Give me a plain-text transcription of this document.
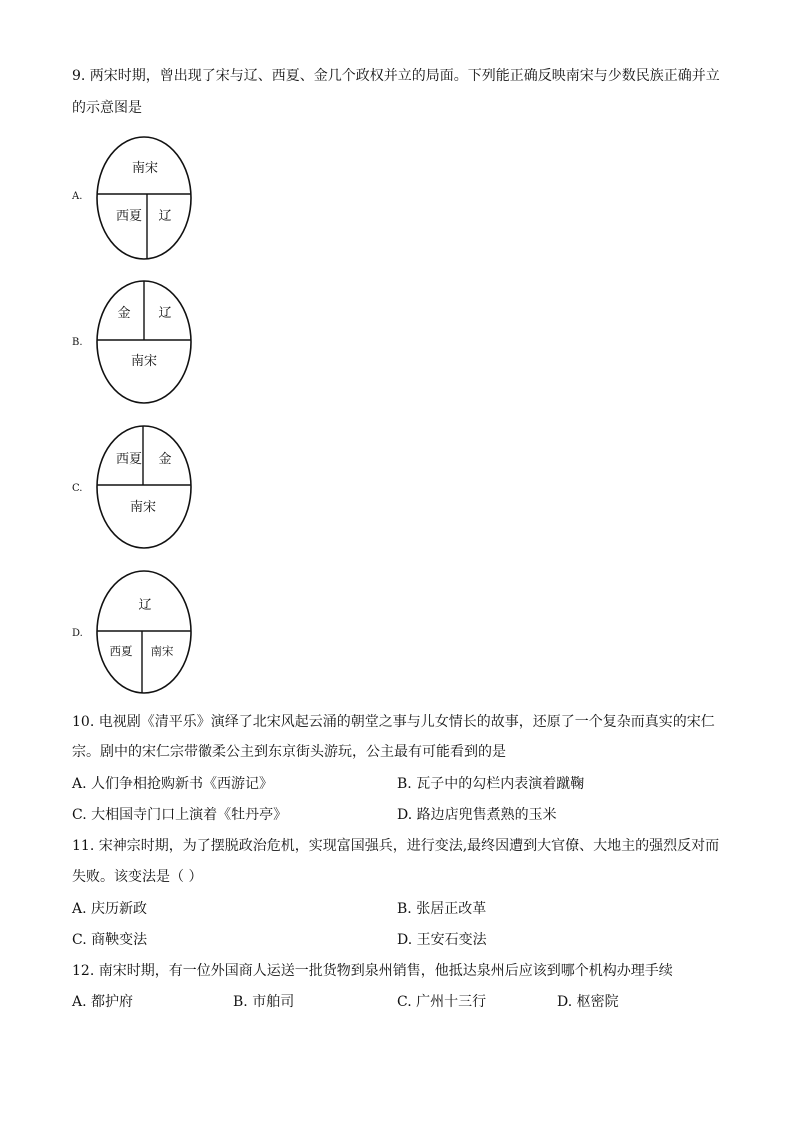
9. 两宋时期，曾出现了宋与辽、西夏、金几个政权并立的局面。下列能正确反映南宋与少数民族正确并立
的示意图是
A.
南宋
西夏 辽
B.
金 辽
南宋
C.
西夏 金
南宋
D.
辽
西夏 南宋
10. 电视剧《清平乐》演绎了北宋风起云涌的朝堂之事与儿女情长的故事，还原了一个复杂而真实的宋仁
宗。剧中的宋仁宗带徽柔公主到东京街头游玩，公主最有可能看到的是
A. 人们争相抢购新书《西游记》	B. 瓦子中的勾栏内表演着蹴鞠
C. 大相国寺门口上演着《牡丹亭》	D. 路边店兜售煮熟的玉米
11. 宋神宗时期，为了摆脱政治危机，实现富国强兵，进行变法,最终因遭到大官僚、大地主的强烈反对而
失败。该变法是（ ）
A. 庆历新政	B. 张居正改革
C. 商鞅变法	D. 王安石变法
12. 南宋时期，有一位外国商人运送一批货物到泉州销售，他抵达泉州后应该到哪个机构办理手续
A. 都护府	B. 市舶司	C. 广州十三行	D. 枢密院
